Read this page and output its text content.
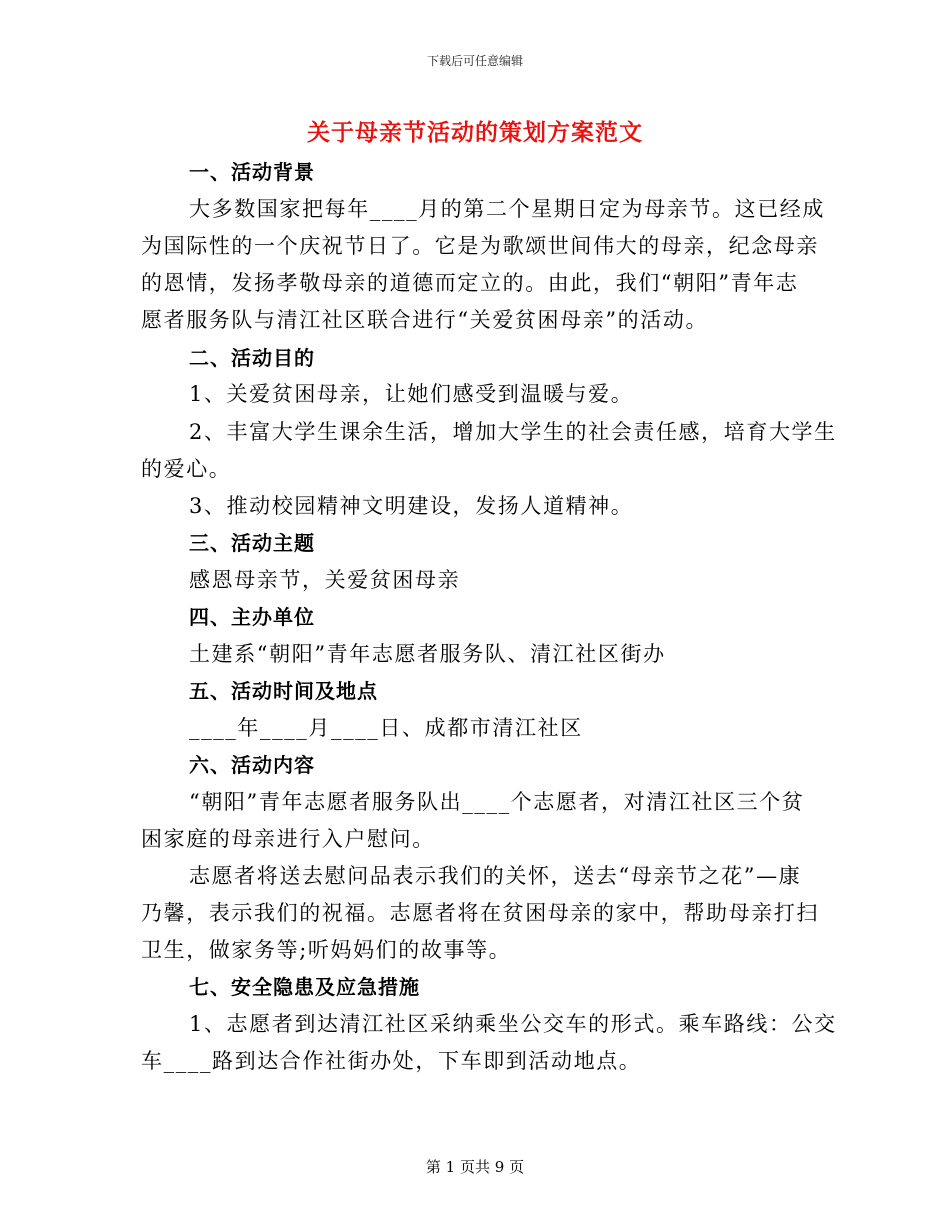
下载后可任意编辑
关于母亲节活动的策划方案范文
一、活动背景
大多数国家把每年____月的第二个星期日定为母亲节。这已经成
为国际性的一个庆祝节日了。它是为歌颂世间伟大的母亲，纪念母亲
的恩情，发扬孝敬母亲的道德而定立的。由此，我们“朝阳”青年志
愿者服务队与清江社区联合进行“关爱贫困母亲”的活动。
二、活动目的
1、关爱贫困母亲，让她们感受到温暖与爱。
2、丰富大学生课余生活，增加大学生的社会责任感，培育大学生
的爱心。
3、推动校园精神文明建设，发扬人道精神。
三、活动主题
感恩母亲节，关爱贫困母亲
四、主办单位
土建系“朝阳”青年志愿者服务队、清江社区街办
五、活动时间及地点
____年____月____日、成都市清江社区
六、活动内容
“朝阳”青年志愿者服务队出____个志愿者，对清江社区三个贫
困家庭的母亲进行入户慰问。
志愿者将送去慰问品表示我们的关怀，送去“母亲节之花”—康
乃馨，表示我们的祝福。志愿者将在贫困母亲的家中，帮助母亲打扫
卫生，做家务等;听妈妈们的故事等。
七、安全隐患及应急措施
1、志愿者到达清江社区采纳乘坐公交车的形式。乘车路线：公交
车____路到达合作社街办处，下车即到活动地点。
第 1 页共 9 页
